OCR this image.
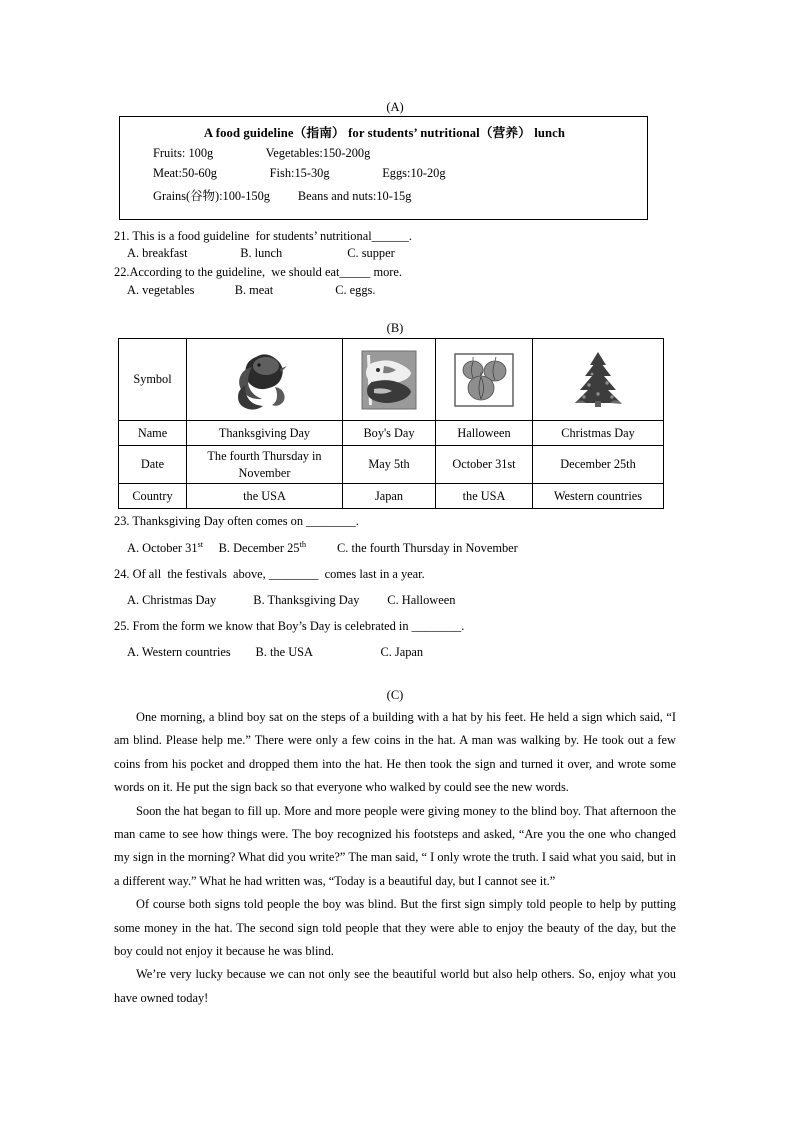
(A)
A food guideline（指南） for students’ nutritional（营养） lunch
Fruits: 100g                 Vegetables:150-200g
Meat:50-60g                 Fish:15-30g                 Eggs:10-20g
Grains(谷物):100-150g         Beans and nuts:10-15g
21. This is a food guideline  for students’ nutritional______.
A. breakfast                 B. lunch                     C. supper
22.According to the guideline,  we should eat_____ more.
A. vegetables             B. meat                    C. eggs.
(B)
Symbol	

Name	Thanksgiving Day	Boy's Day	Halloween	Christmas Day
Date	The fourth Thursday in November	May 5th	October 31st	December 25th
Country	the USA	Japan	the USA	Western countries
23. Thanksgiving Day often comes on ________.
A. October 31st B. December 25th C. the fourth Thursday in November
24. Of all  the festivals  above, ________  comes last in a year.
A. Christmas Day            B. Thanksgiving Day         C. Halloween
25. From the form we know that Boy’s Day is celebrated in ________.
A. Western countries        B. the USA                      C. Japan
(C)

One morning, a blind boy sat on the steps of a building with a hat by his feet. He held a sign which said, “I am blind. Please help me.” There were only a few coins in the hat. A man was walking by. He took out a few coins from his pocket and dropped them into the hat. He then took the sign and turned it over, and wrote some words on it. He put the sign back so that everyone who walked by could see the new words.

Soon the hat began to fill up. More and more people were giving money to the blind boy. That afternoon the man came to see how things were. The boy recognized his footsteps and asked, “Are you the one who changed my sign in the morning? What did you write?” The man said, “ I only wrote the truth. I said what you said, but in a different way.” What he had written was, “Today is a beautiful day, but I cannot see it.”

Of course both signs told people the boy was blind. But the first sign simply told people to help by putting some money in the hat. The second sign told people that they were able to enjoy the beauty of the day, but the boy could not enjoy it because he was blind.

We’re very lucky because we can not only see the beautiful world but also help others. So, enjoy what you have owned today!
